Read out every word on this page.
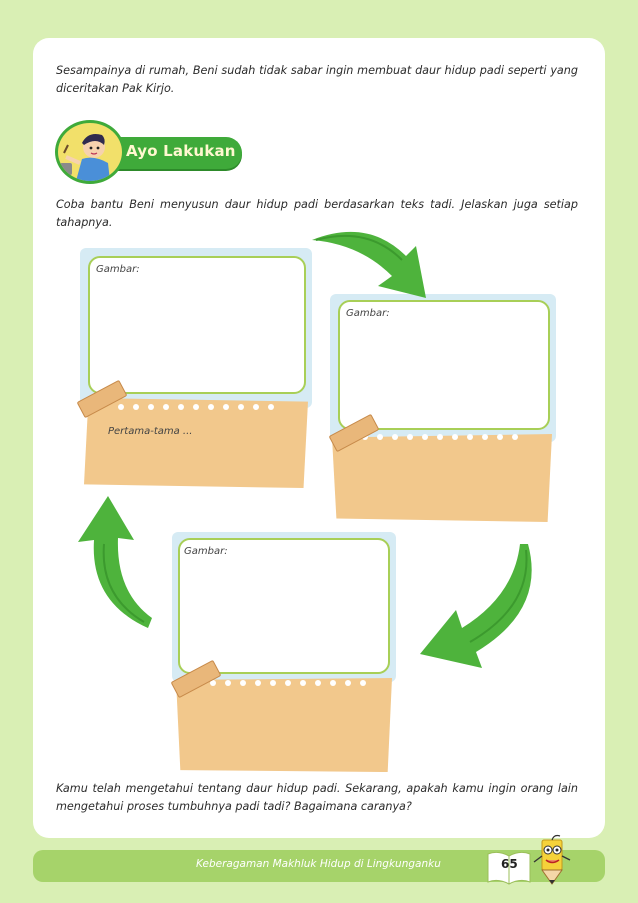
Sesampainya di rumah, Beni sudah tidak sabar ingin membuat daur hidup padi seperti yang diceritakan Pak Kirjo.

Ayo Lakukan

Coba bantu Beni menyusun daur hidup padi berdasarkan teks tadi. Jelaskan juga setiap tahapnya.

Gambar:
Pertama-tama ...
Gambar:
Gambar:

Kamu telah mengetahui tentang daur hidup padi. Sekarang, apakah kamu ingin orang lain mengetahui proses tumbuhnya padi tadi? Bagaimana caranya?

Keberagaman Makhluk Hidup di Lingkunganku	65
